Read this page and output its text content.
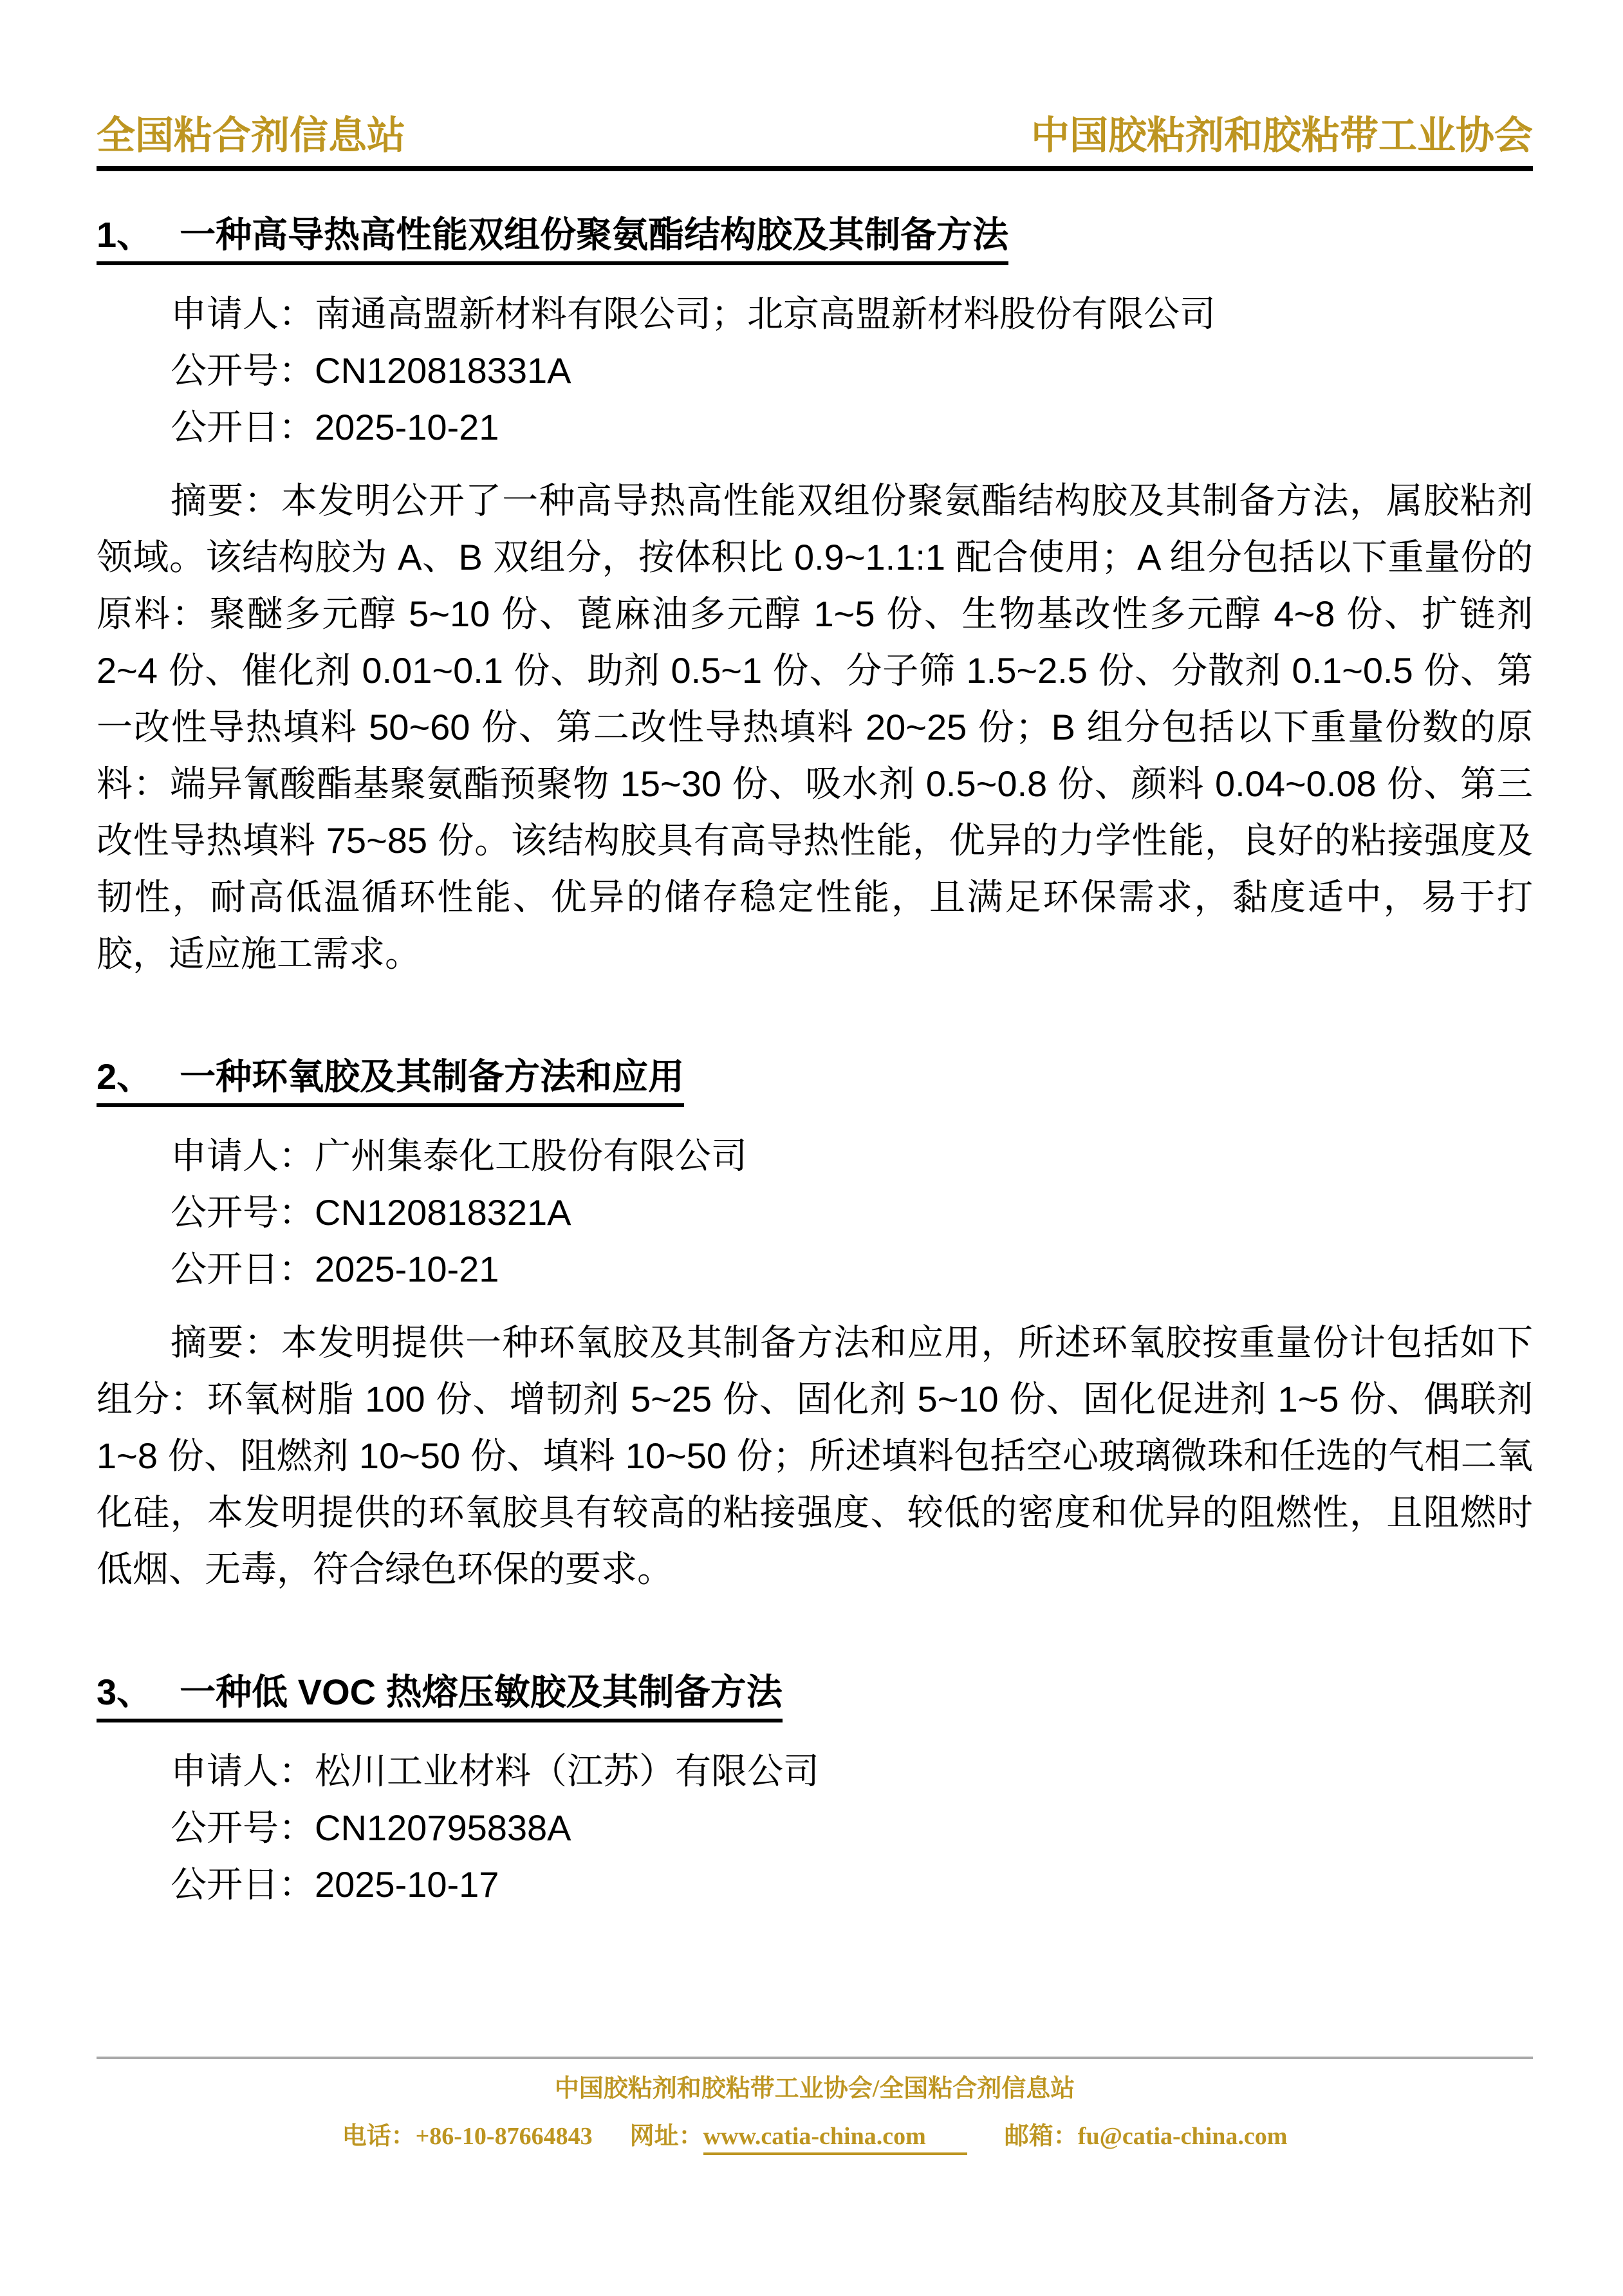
全国粘合剂信息站	中国胶粘剂和胶粘带工业协会
1、 一种高导热高性能双组份聚氨酯结构胶及其制备方法

申请人：南通高盟新材料有限公司；北京高盟新材料股份有限公司

公开号：CN120818331A

公开日：2025-10-21

摘要：本发明公开了一种高导热高性能双组份聚氨酯结构胶及其制备方法，属胶粘剂领域。该结构胶为 A、B 双组分，按体积比 0.9~1.1:1 配合使用；A 组分包括以下重量份的原料：聚醚多元醇 5~10 份、蓖麻油多元醇 1~5 份、生物基改性多元醇 4~8 份、扩链剂 2~4 份、催化剂 0.01~0.1 份、助剂 0.5~1 份、分子筛 1.5~2.5 份、分散剂 0.1~0.5 份、第一改性导热填料 50~60 份、第二改性导热填料 20~25 份；B 组分包括以下重量份数的原料：端异氰酸酯基聚氨酯预聚物 15~30 份、吸水剂 0.5~0.8 份、颜料 0.04~0.08 份、第三改性导热填料 75~85 份。该结构胶具有高导热性能，优异的力学性能，良好的粘接强度及韧性，耐高低温循环性能、优异的储存稳定性能，且满足环保需求，黏度适中，易于打胶，适应施工需求。

2、 一种环氧胶及其制备方法和应用

申请人：广州集泰化工股份有限公司

公开号：CN120818321A

公开日：2025-10-21

摘要：本发明提供一种环氧胶及其制备方法和应用，所述环氧胶按重量份计包括如下组分：环氧树脂 100 份、增韧剂 5~25 份、固化剂 5~10 份、固化促进剂 1~5 份、偶联剂 1~8 份、阻燃剂 10~50 份、填料 10~50 份；所述填料包括空心玻璃微珠和任选的气相二氧化硅，本发明提供的环氧胶具有较高的粘接强度、较低的密度和优异的阻燃性，且阻燃时低烟、无毒，符合绿色环保的要求。

3、 一种低 VOC 热熔压敏胶及其制备方法

申请人：松川工业材料（江苏）有限公司

公开号：CN120795838A

公开日：2025-10-17

中国胶粘剂和胶粘带工业协会/全国粘合剂信息站

电话：+86-10-87664843 网址：www.catia-china.com	邮箱：fu@catia-china.com
